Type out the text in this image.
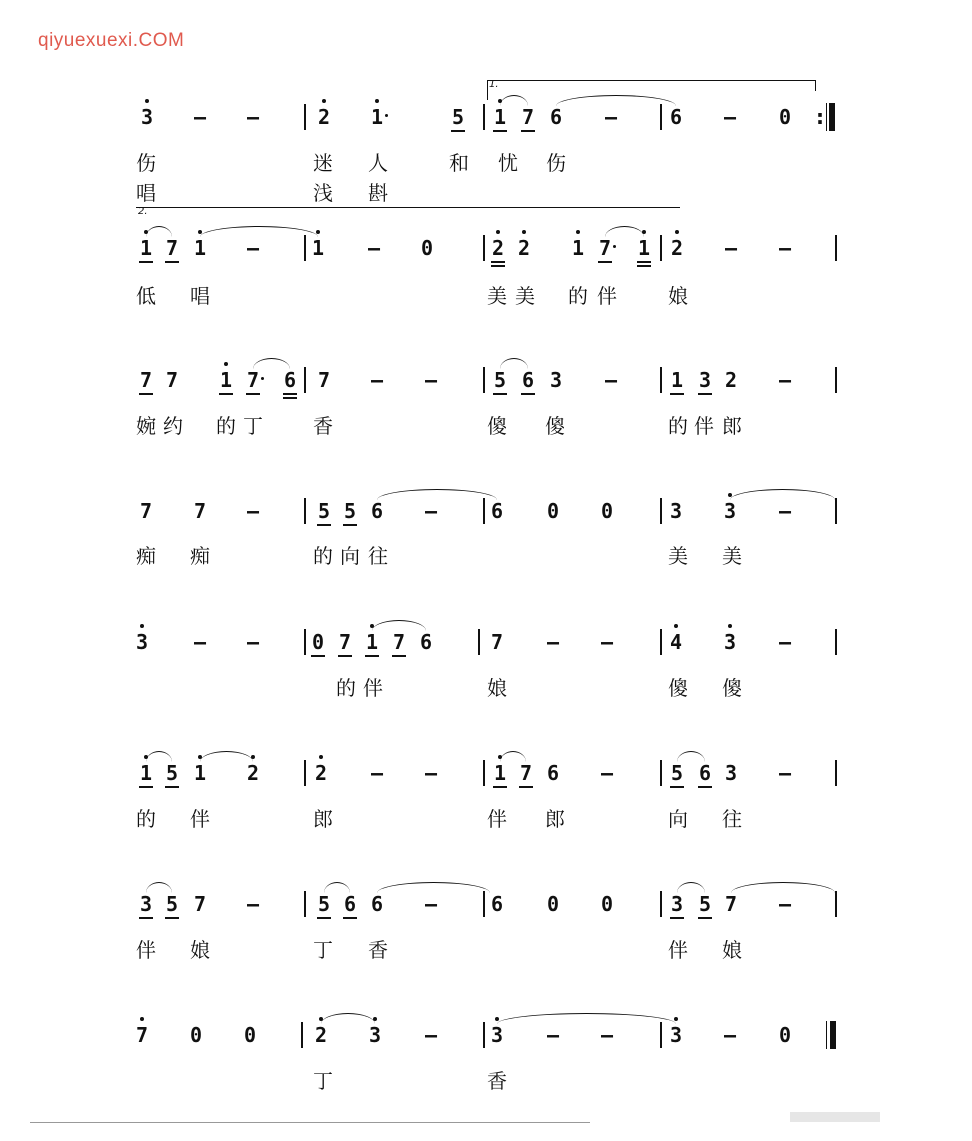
qiyuexuexi.COM
3 – –	2 1	5 1 7 6 –	6 – 0 :
1.
伤	迷 人	和 忧 伤
唱	浅 斟
2.
1 7 1 –	1 – 0	2 2 1 7 1 2 – –
低 唱	美 美 的 伴	娘
7 7 1 7 6 7 – –	5 6 3 –	1 3 2 –
婉 约 的 丁	香	傻 傻	的 伴 郎
7 7 –	5 5 6 –	6 0 0	3 3 –
痴 痴	的 向 往	美 美
3 – –	0 7 1 7 6	7 – –	4 3 –
的 伴	娘	傻 傻
1 5 1 2	2 – –	1 7 6 –	5 6 3 –
的 伴	郎	伴 郎	向 往
3 5 7 –	5 6 6 –	6 0 0	3 5 7 –
伴 娘	丁 香	伴 娘
7 0 0	2 3 –	3 – –	3 – 0
丁	香
